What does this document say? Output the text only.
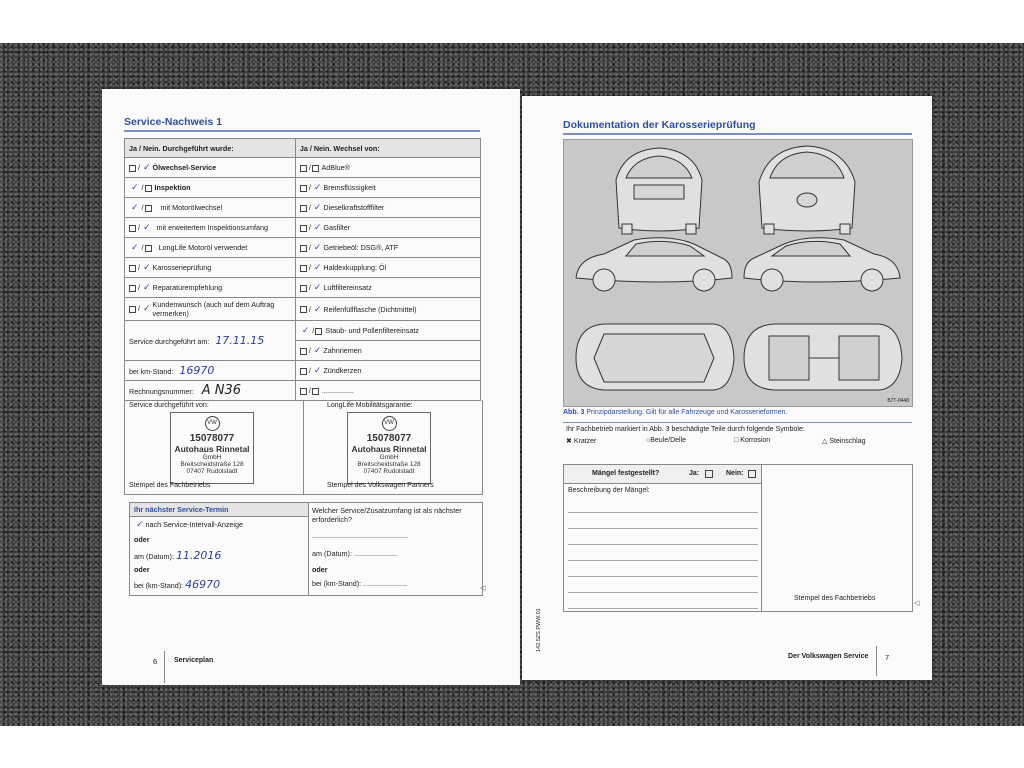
Service-Nachweis 1
Ja / Nein. Durchgeführt wurde:	Ja / Nein. Wechsel von:
/ ✓ Ölwechsel-Service	/ AdBlue®
✓ / Inspektion	/ ✓ Bremsflüssigkeit
✓ / mit Motorölwechsel	/ ✓ Dieselkraftstofffilter
/ ✓ mit erweitertem Inspektionsumfang	/ ✓ Gasfilter
✓ / LongLife Motoröl verwendet	/ ✓ Getriebeöl: DSG®, ATF
/ ✓ Karosserieprüfung	/ ✓ Haldexkupplung: Öl
/ ✓ Reparaturempfehlung	/ ✓ Luftfiltereinsatz
/ ✓ Kundenwunsch (auch auf dem Auftrag vermerken)	/ ✓ Reifenfüllflasche (Dichtmittel)
Service durchgeführt am: 17.11.15	✓ / Staub- und Pollenfiltereinsatz
	/ ✓ Zahnriemen
bei km-Stand: 16970	/ ✓ Zündkerzen
Rechnungsnummer: A N36	/ ................
Service durchgeführt von:
VW
15078077
Autohaus Rinnetal
GmbH
Breitscheidstraße 128
07407 Rudolstadt
Stempel des Fachbetriebs
LongLife Mobilitätsgarantie:
VW
15078077
Autohaus Rinnetal
GmbH
Breitscheidstraße 128
07407 Rudolstadt
Stempel des Volkswagen Partners
Ihr nächster Service-Termin
✓ nach Service-Intervall-Anzeige
oder
am (Datum): 11.2016
oder
bei (km-Stand): 46970
Welcher Service/Zusatzumfang ist als nächster erforderlich?
................................................
am (Datum): ......................
oder
bei (km-Stand): ......................
◁
6 Serviceplan
Dokumentation der Karosserieprüfung
B7T-0448
Abb. 3 Prinzipdarstellung. Gilt für alle Fahrzeuge und Karosserieformen.
Ihr Fachbetrieb markiert in Abb. 3 beschädigte Teile durch folgende Symbole:
✖ Kratzer	○Beule/Delle	□ Korrosion	△ Steinschlag
Mängel festgestellt?	Ja:	Nein:
Beschreibung der Mängel:
Stempel des Fachbetriebs
◁
142.5ZS.PWW.01
Der Volkswagen Service 7
